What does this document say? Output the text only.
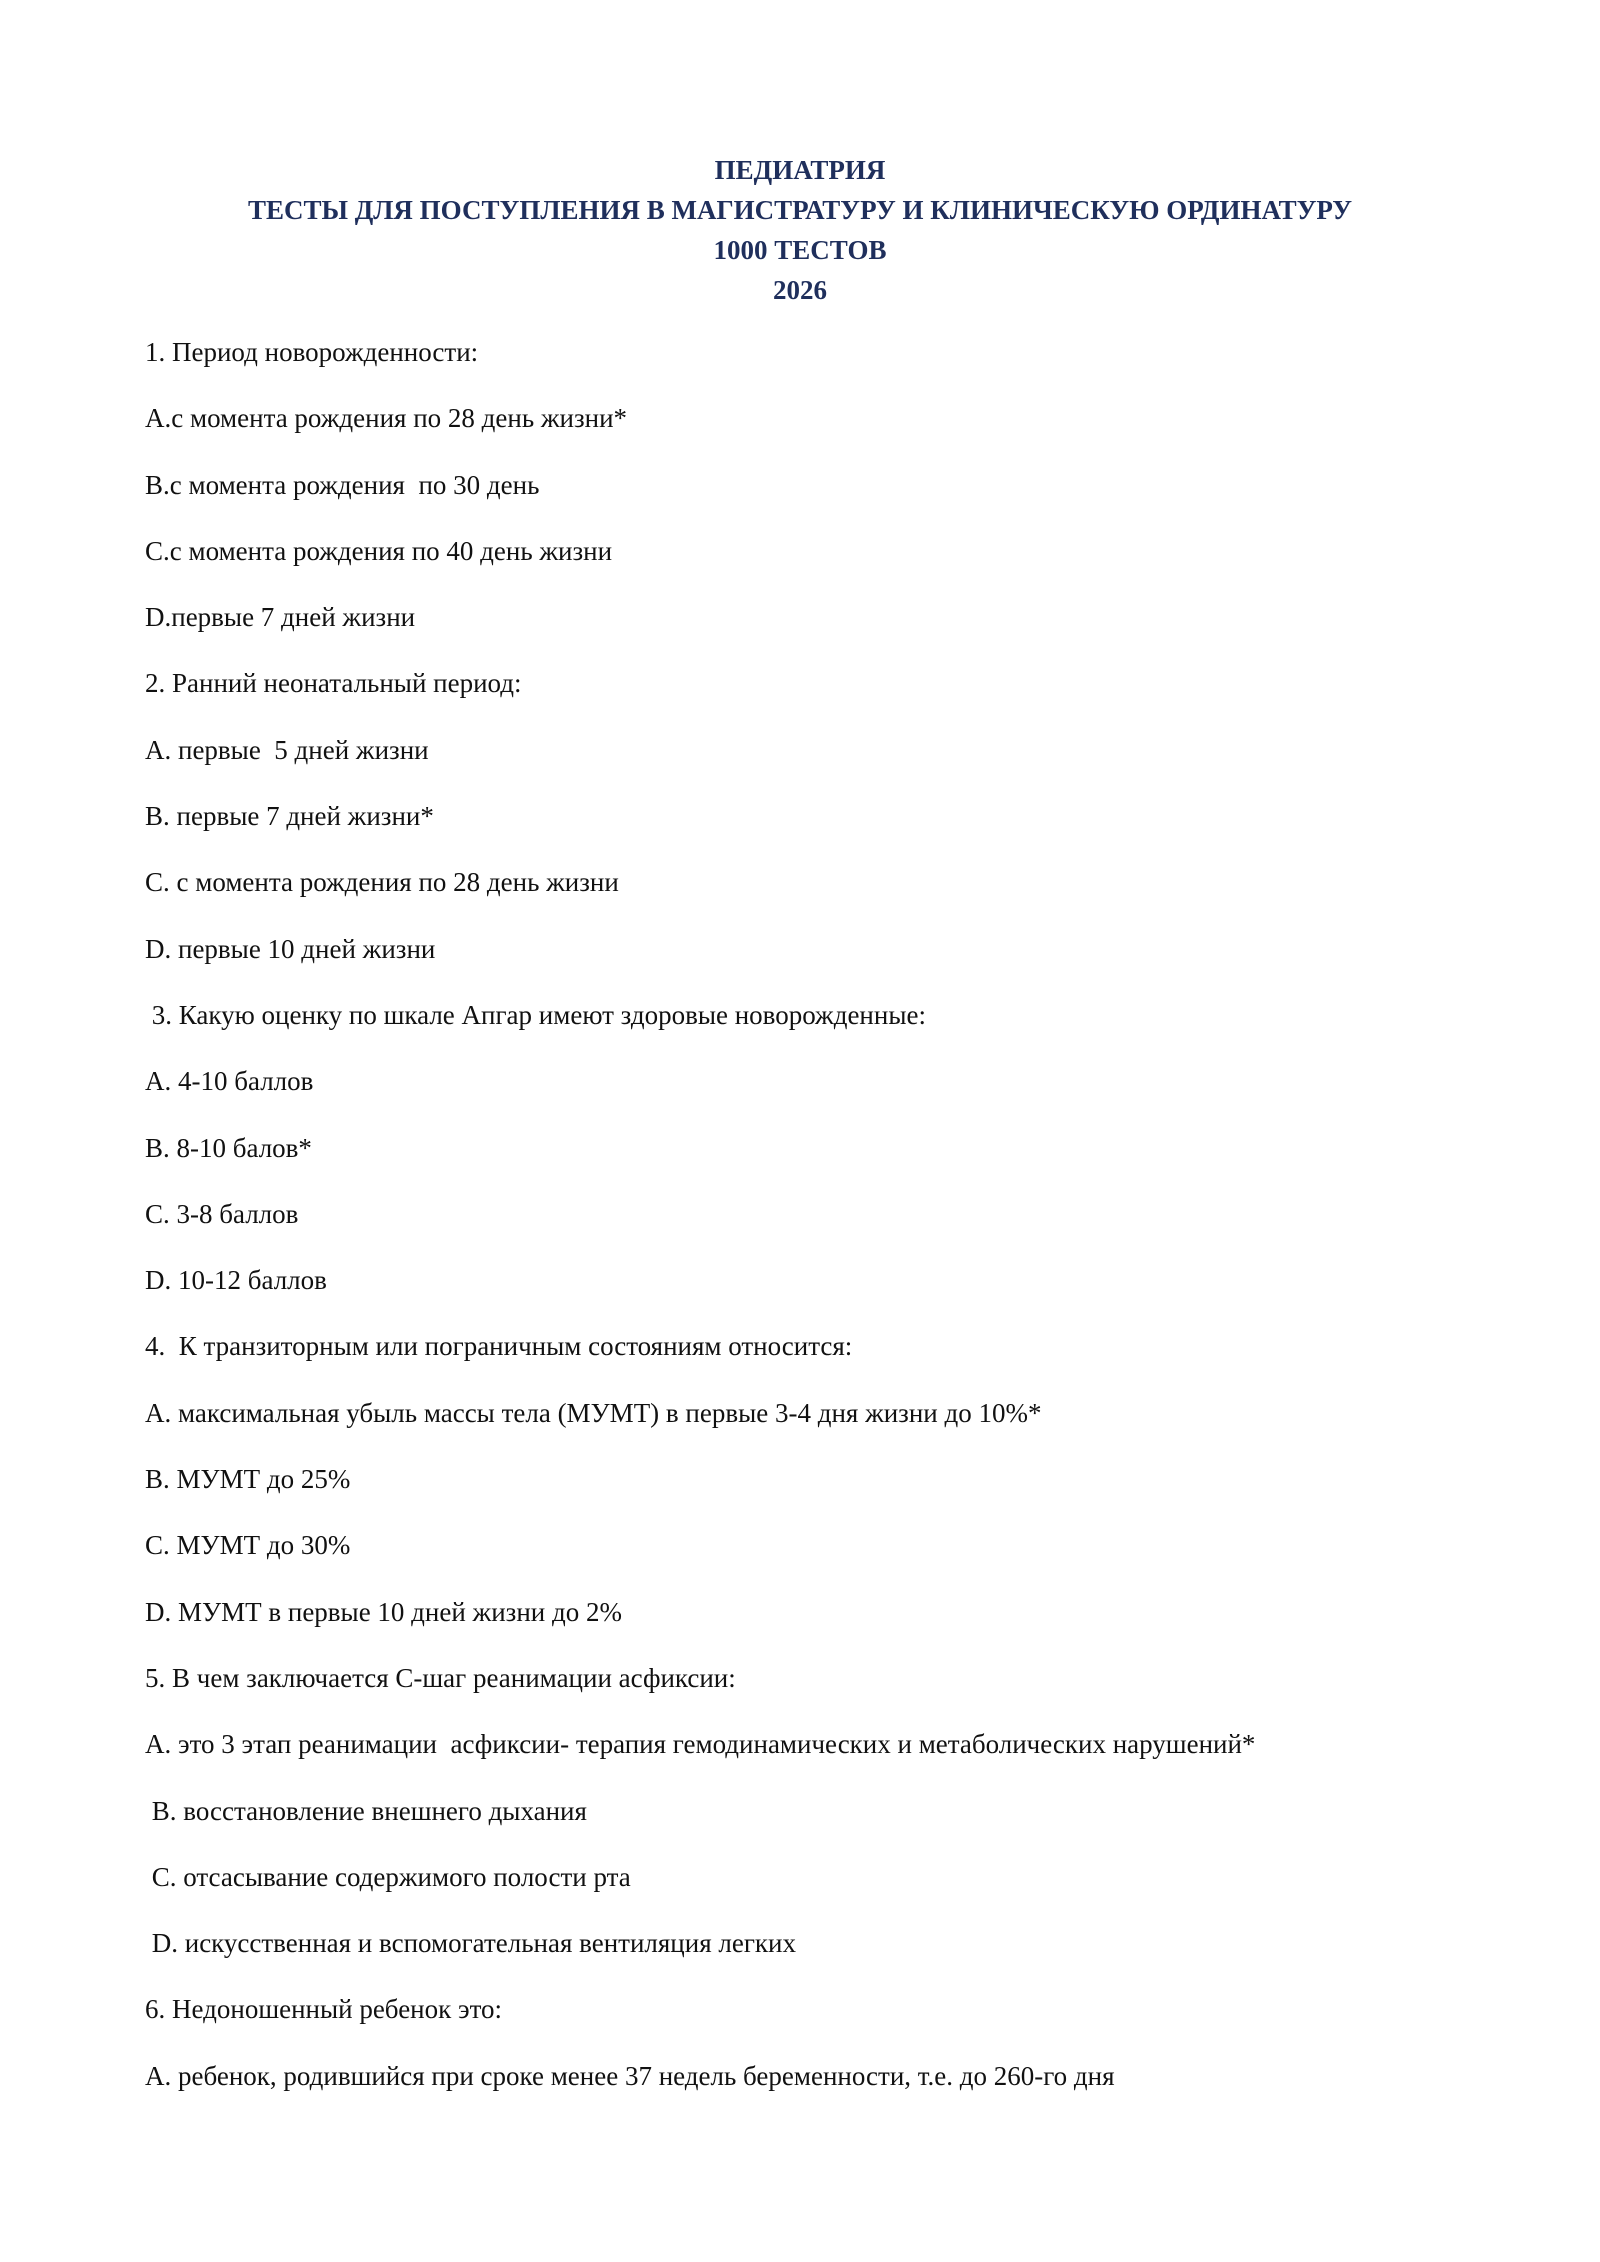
ПЕДИАТРИЯ
ТЕСТЫ ДЛЯ ПОСТУПЛЕНИЯ В МАГИСТРАТУРУ И КЛИНИЧЕСКУЮ ОРДИНАТУРУ
1000 ТЕСТОВ
2026
1. Период новорожденности:
A.с момента рождения по 28 день жизни*
B.с момента рождения  по 30 день
C.с момента рождения по 40 день жизни
D.первые 7 дней жизни
2. Ранний неонатальный период:
A. первые  5 дней жизни
B. первые 7 дней жизни*
C. с момента рождения по 28 день жизни
D. первые 10 дней жизни
3. Какую оценку по шкале Апгар имеют здоровые новорожденные:
A. 4-10 баллов
B. 8-10 балов*
C. 3-8 баллов
D. 10-12 баллов
4.  К транзиторным или пограничным состояниям относится:
A. максимальная убыль массы тела (МУМТ) в первые 3-4 дня жизни до 10%*
B. МУМТ до 25%
C. МУМТ до 30%
D. МУМТ в первые 10 дней жизни до 2%
5. В чем заключается С-шаг реанимации асфиксии:
A. это 3 этап реанимации  асфиксии- терапия гемодинамических и метаболических нарушений*
B. восстановление внешнего дыхания
C. отсасывание содержимого полости рта
D. искусственная и вспомогательная вентиляция легких
6. Недоношенный ребенок это:
A. ребенок, родившийся при сроке менее 37 недель беременности, т.е. до 260-го дня
